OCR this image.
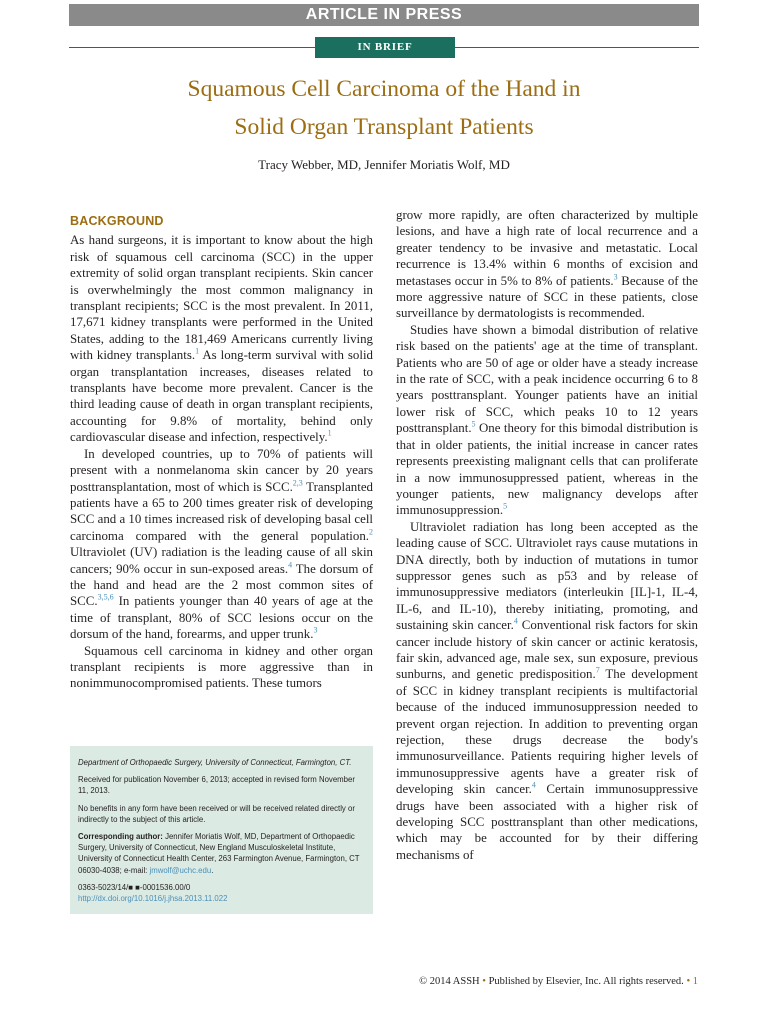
ARTICLE IN PRESS
IN BRIEF
Squamous Cell Carcinoma of the Hand in
Solid Organ Transplant Patients
Tracy Webber, MD, Jennifer Moriatis Wolf, MD
BACKGROUND

As hand surgeons, it is important to know about the high risk of squamous cell carcinoma (SCC) in the upper extremity of solid organ transplant recipients. Skin cancer is overwhelmingly the most common malignancy in transplant recipients; SCC is the most prevalent. In 2011, 17,671 kidney transplants were performed in the United States, adding to the 181,469 Americans currently living with kidney transplants.$^1$ As long-term survival with solid organ transplantation increases, diseases related to transplants have become more prevalent. Cancer is the third leading cause of death in organ transplant recipients, accounting for 9.8% of mortality, behind only cardiovascular disease and infection, respectively.$^1$

In developed countries, up to 70% of patients will present with a nonmelanoma skin cancer by 20 years posttransplantation, most of which is SCC.$^{2,3}$ Transplanted patients have a 65 to 200 times greater risk of developing SCC and a 10 times increased risk of developing basal cell carcinoma compared with the general population.$^2$ Ultraviolet (UV) radiation is the leading cause of all skin cancers; 90% occur in sun-exposed areas.$^4$ The dorsum of the hand and head are the 2 most common sites of SCC.$^{3,5,6}$ In patients younger than 40 years of age at the time of transplant, 80% of SCC lesions occur on the dorsum of the hand, forearms, and upper trunk.$^3$

Squamous cell carcinoma in kidney and other organ transplant recipients is more aggressive than in nonimmunocompromised patients. These tumors

Department of Orthopaedic Surgery, University of Connecticut, Farmington, CT.

Received for publication November 6, 2013; accepted in revised form November 11, 2013.

No benefits in any form have been received or will be received related directly or indirectly to the subject of this article.

Corresponding author: Jennifer Moriatis Wolf, MD, Department of Orthopaedic Surgery, University of Connecticut, New England Musculoskeletal Institute, University of Connecticut Health Center, 263 Farmington Avenue, Farmington, CT 06030-4038; e-mail: jmwolf@uchc.edu.

0363-5023/14/■ ■-0001536.00/0

http://dx.doi.org/10.1016/j.jhsa.2013.11.022

grow more rapidly, are often characterized by multiple lesions, and have a high rate of local recurrence and a greater tendency to be invasive and metastatic. Local recurrence is 13.4% within 6 months of excision and metastases occur in 5% to 8% of patients.$^3$ Because of the more aggressive nature of SCC in these patients, close surveillance by dermatologists is recommended.

Studies have shown a bimodal distribution of relative risk based on the patients' age at the time of transplant. Patients who are 50 of age or older have a steady increase in the rate of SCC, with a peak incidence occurring 6 to 8 years posttransplant. Younger patients have an initial lower risk of SCC, which peaks 10 to 12 years posttransplant.$^5$ One theory for this bimodal distribution is that in older patients, the initial increase in cancer rates represents preexisting malignant cells that can proliferate in a now immunosuppressed patient, whereas in the younger patients, new malignancy develops after immunosuppression.$^5$

Ultraviolet radiation has long been accepted as the leading cause of SCC. Ultraviolet rays cause mutations in DNA directly, both by induction of mutations in tumor suppressor genes such as p53 and by release of immunosuppressive mediators (interleukin [IL]-1, IL-4, IL-6, and IL-10), thereby initiating, promoting, and sustaining skin cancer.$^4$ Conventional risk factors for skin cancer include history of skin cancer or actinic keratosis, fair skin, advanced age, male sex, sun exposure, previous sunburns, and genetic predisposition.$^7$ The development of SCC in kidney transplant recipients is multifactorial because of the induced immunosuppression needed to prevent organ rejection. In addition to preventing organ rejection, these drugs decrease the body's immunosurveillance. Patients requiring higher levels of immunosuppressive agents have a greater risk of developing skin cancer.$^4$ Certain immunosuppressive drugs have been associated with a higher risk of developing SCC posttransplant than other medications, which may be accounted for by their differing mechanisms of

© 2014 ASSH • Published by Elsevier, Inc. All rights reserved. • 1
